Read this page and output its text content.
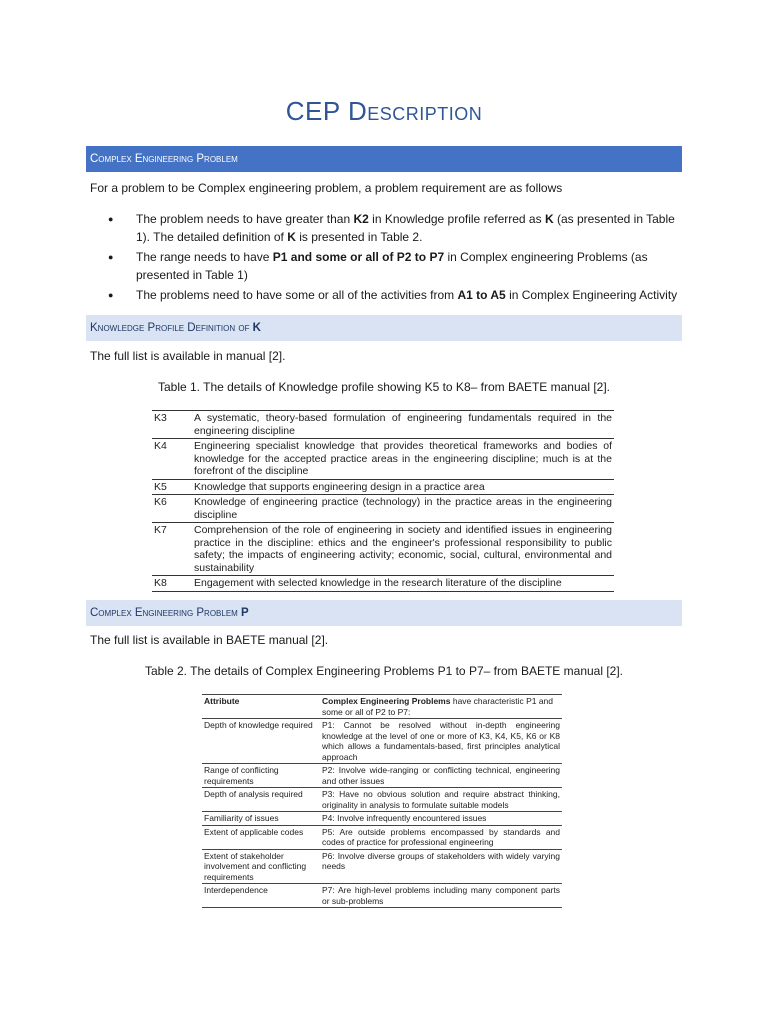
CEP Description
Complex Engineering Problem
For a problem to be Complex engineering problem, a problem requirement are as follows
● The problem needs to have greater than K2 in Knowledge profile referred as K (as presented in Table 1). The detailed definition of K is presented in Table 2.
● The range needs to have P1 and some or all of P2 to P7 in Complex engineering Problems (as presented in Table 1)
● The problems need to have some or all of the activities from A1 to A5 in Complex Engineering Activity
Knowledge Profile Definition of K
The full list is available in manual [2].
Table 1. The details of Knowledge profile showing K5 to K8– from BAETE manual [2].
K3	A systematic, theory-based formulation of engineering fundamentals required in the engineering discipline
K4	Engineering specialist knowledge that provides theoretical frameworks and bodies of knowledge for the accepted practice areas in the engineering discipline; much is at the forefront of the discipline
K5	Knowledge that supports engineering design in a practice area
K6	Knowledge of engineering practice (technology) in the practice areas in the engineering discipline
K7	Comprehension of the role of engineering in society and identified issues in engineering practice in the discipline: ethics and the engineer's professional responsibility to public safety; the impacts of engineering activity; economic, social, cultural, environmental and sustainability
K8	Engagement with selected knowledge in the research literature of the discipline
Complex Engineering Problem P
The full list is available in BAETE manual [2].
Table 2. The details of Complex Engineering Problems P1 to P7– from BAETE manual [2].
Attribute	Complex Engineering Problems have characteristic P1 and some or all of P2 to P7:
Depth of knowledge required	P1: Cannot be resolved without in-depth engineering knowledge at the level of one or more of K3, K4, K5, K6 or K8 which allows a fundamentals-based, first principles analytical approach
Range of conflicting requirements	P2: Involve wide-ranging or conflicting technical, engineering and other issues
Depth of analysis required	P3: Have no obvious solution and require abstract thinking, originality in analysis to formulate suitable models
Familiarity of issues	P4: Involve infrequently encountered issues
Extent of applicable codes	P5: Are outside problems encompassed by standards and codes of practice for professional engineering
Extent of stakeholder involvement and conflicting requirements	P6: Involve diverse groups of stakeholders with widely varying needs
Interdependence	P7: Are high-level problems including many component parts or sub-problems
